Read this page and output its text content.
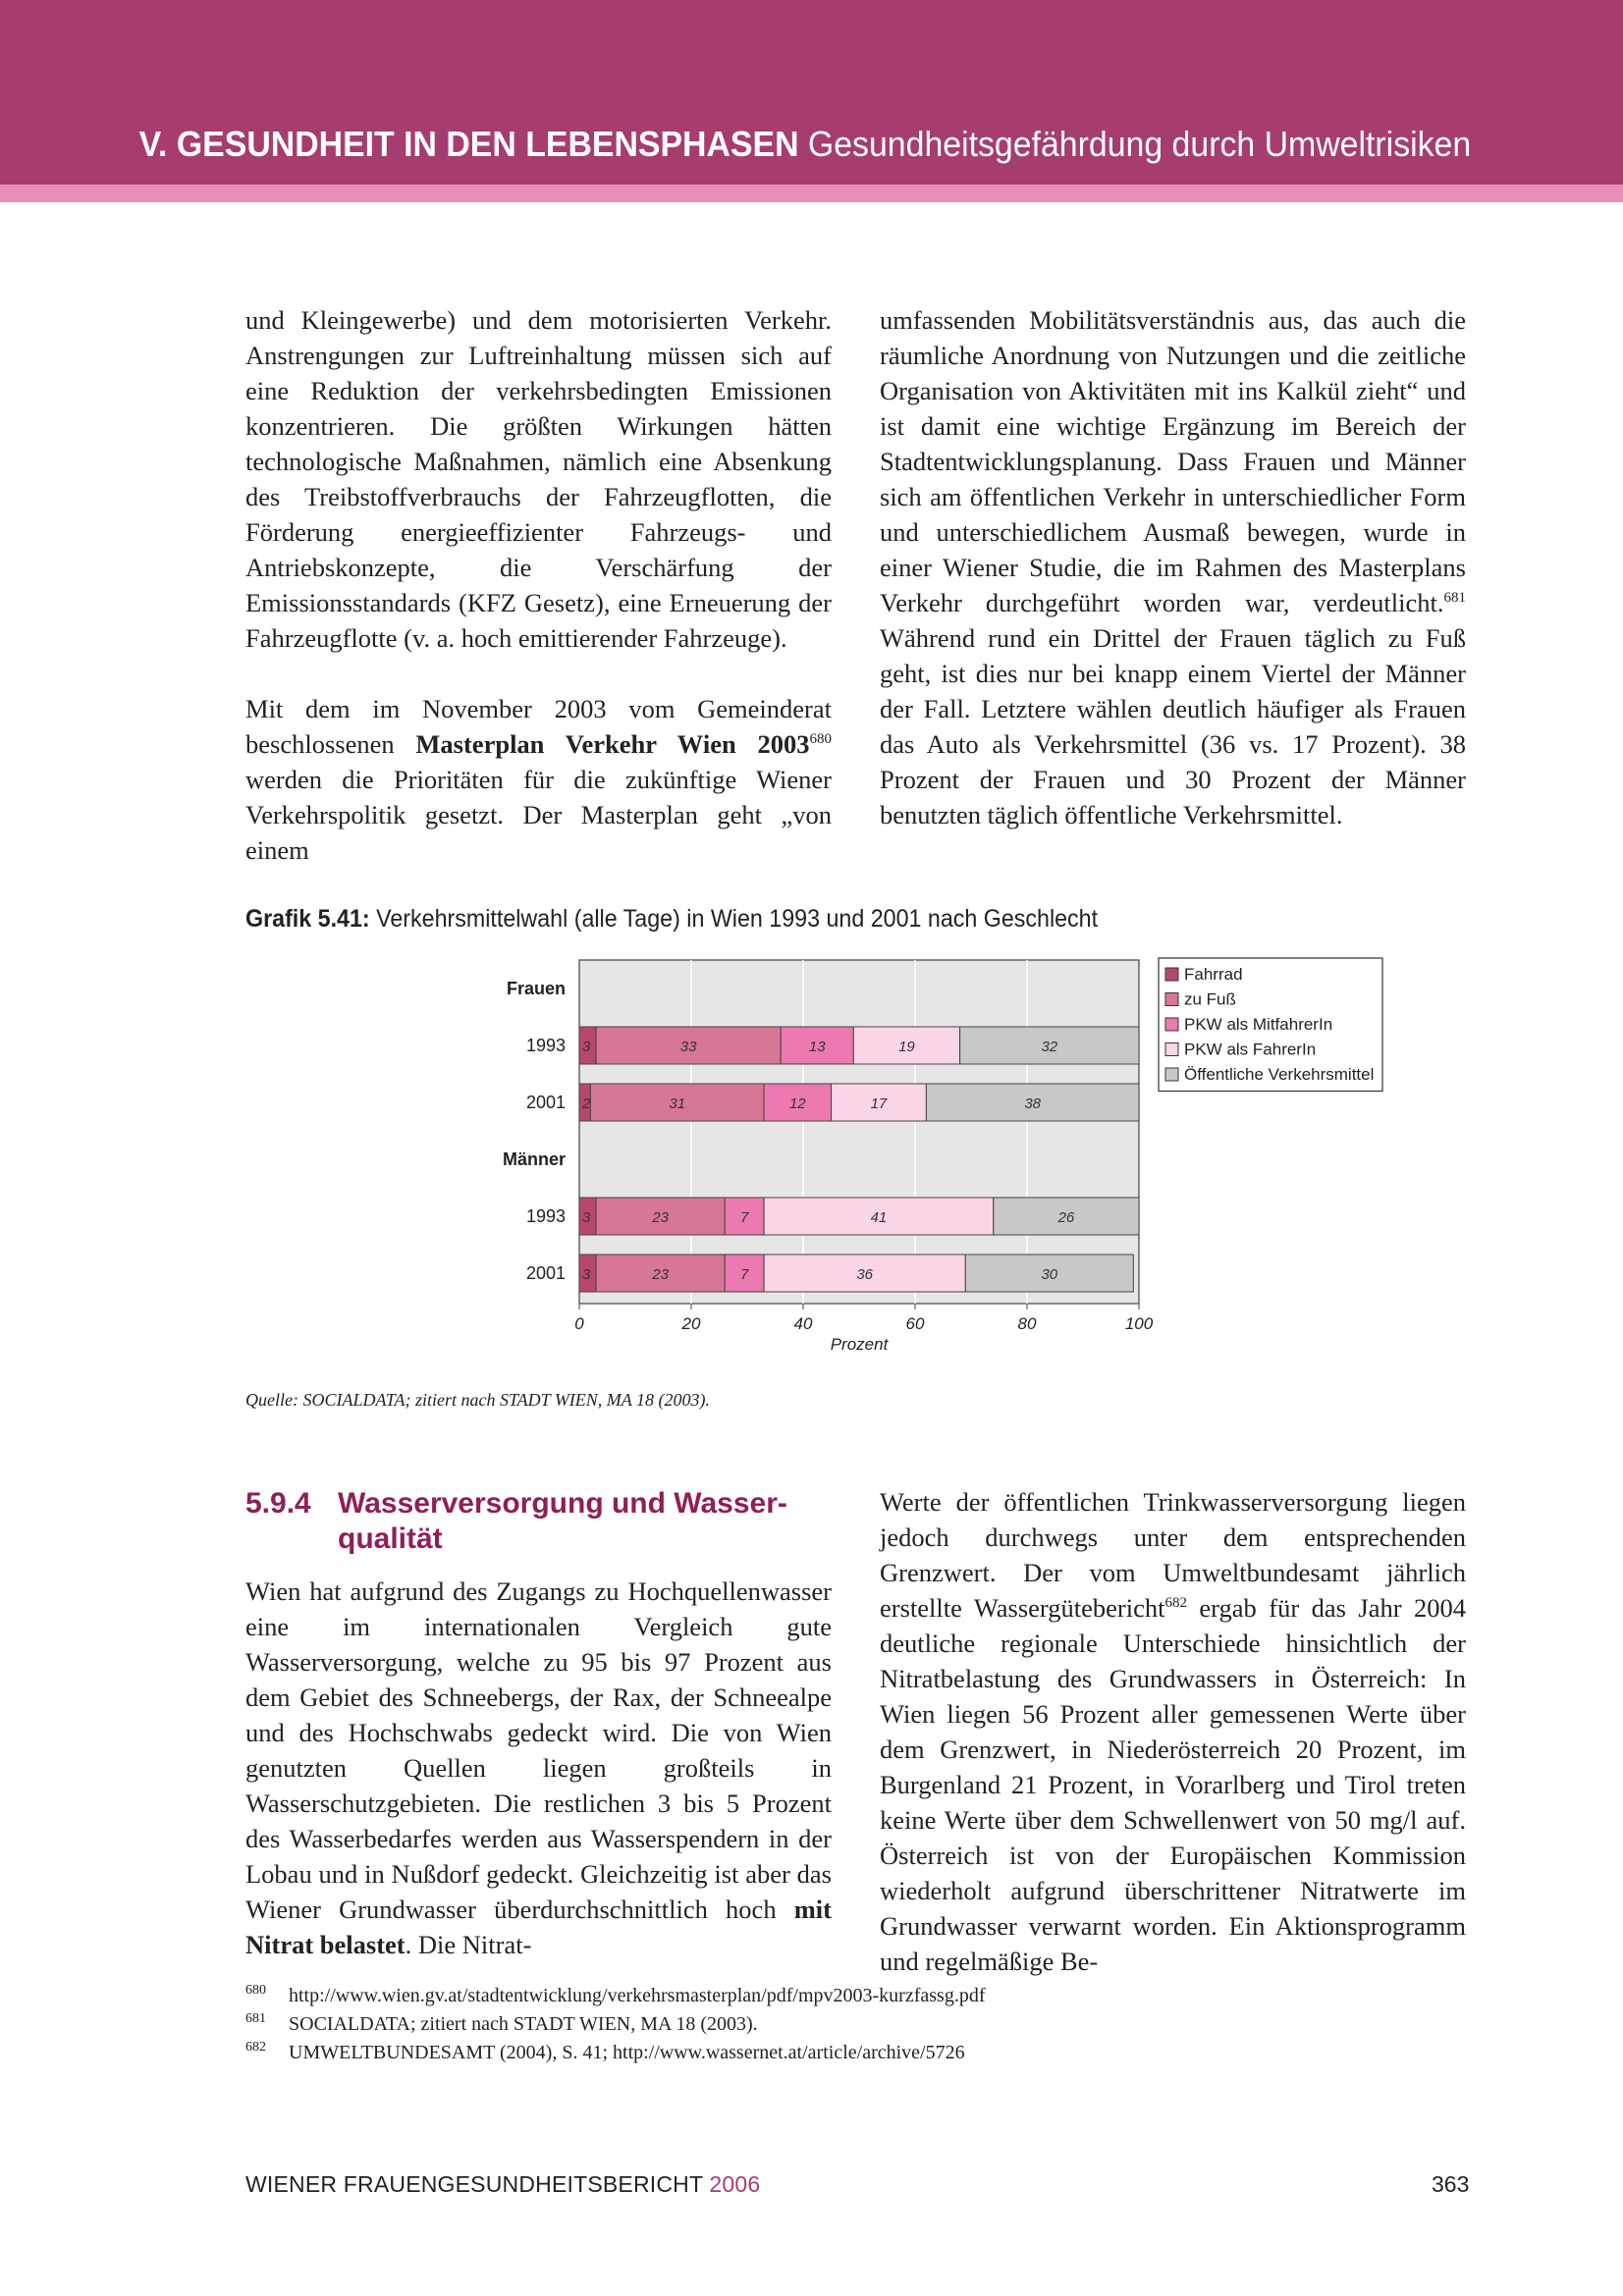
V. GESUNDHEIT IN DEN LEBENSPHASEN Gesundheitsgefährdung durch Umweltrisiken

und Kleingewerbe) und dem motorisierten Verkehr. Anstrengungen zur Luftreinhaltung müssen sich auf eine Reduktion der verkehrsbedingten Emissionen konzentrieren. Die größten Wirkungen hätten technologische Maßnahmen, nämlich eine Absenkung des Treibstoffverbrauchs der Fahrzeugflotten, die Förderung energieeffizienter Fahrzeugs- und Antriebskonzepte, die Verschärfung der Emissionsstandards (KFZ Gesetz), eine Erneuerung der Fahrzeugflotte (v. a. hoch emittierender Fahrzeuge).

Mit dem im November 2003 vom Gemeinderat beschlossenen Masterplan Verkehr Wien 2003$^{680}$ werden die Prioritäten für die zukünftige Wiener Verkehrspolitik gesetzt. Der Masterplan geht „von einem

umfassenden Mobilitätsverständnis aus, das auch die räumliche Anordnung von Nutzungen und die zeitliche Organisation von Aktivitäten mit ins Kalkül zieht“ und ist damit eine wichtige Ergänzung im Bereich der Stadtentwicklungsplanung. Dass Frauen und Männer sich am öffentlichen Verkehr in unterschiedlicher Form und unterschiedlichem Ausmaß bewegen, wurde in einer Wiener Studie, die im Rahmen des Masterplans Verkehr durchgeführt worden war, verdeutlicht.$^{681}$ Während rund ein Drittel der Frauen täglich zu Fuß geht, ist dies nur bei knapp einem Viertel der Männer der Fall. Letztere wählen deutlich häufiger als Frauen das Auto als Verkehrsmittel (36 vs. 17 Prozent). 38 Prozent der Frauen und 30 Prozent der Männer benutzten täglich öffentliche Verkehrsmittel.

Grafik 5.41: Verkehrsmittelwahl (alle Tage) in Wien 1993 und 2001 nach Geschlecht
3	33	13	19	32
2	31	12	17	38
3	23	7	41	26
3	23	7	36	30
Frauen
1993
2001
Männer
1993
2001
0	20	40	60	80	100
Prozent
Fahrrad
zu Fuß
PKW als MitfahrerIn
PKW als FahrerIn
Öffentliche Verkehrsmittel
Quelle: SOCIALDATA; zitiert nach STADT WIEN, MA 18 (2003).
5.9.4 Wasserversorgung und Wasser-
qualität

Wien hat aufgrund des Zugangs zu Hochquellenwasser eine im internationalen Vergleich gute Wasserversorgung, welche zu 95 bis 97 Prozent aus dem Gebiet des Schneebergs, der Rax, der Schneealpe und des Hochschwabs gedeckt wird. Die von Wien genutzten Quellen liegen großteils in Wasserschutzgebieten. Die restlichen 3 bis 5 Prozent des Wasserbedarfes werden aus Wasserspendern in der Lobau und in Nußdorf gedeckt. Gleichzeitig ist aber das Wiener Grundwasser überdurchschnittlich hoch mit Nitrat belastet. Die Nitrat-

Werte der öffentlichen Trinkwasserversorgung liegen jedoch durchwegs unter dem entsprechenden Grenzwert. Der vom Umweltbundesamt jährlich erstellte Wassergütebericht$^{682}$ ergab für das Jahr 2004 deutliche regionale Unterschiede hinsichtlich der Nitratbelastung des Grundwassers in Österreich: In Wien liegen 56 Prozent aller gemessenen Werte über dem Grenzwert, in Niederösterreich 20 Prozent, im Burgenland 21 Prozent, in Vorarlberg und Tirol treten keine Werte über dem Schwellenwert von 50 mg/l auf. Österreich ist von der Europäischen Kommission wiederholt aufgrund überschrittener Nitratwerte im Grundwasser verwarnt worden. Ein Aktionsprogramm und regelmäßige Be-

680 http://www.wien.gv.at/stadtentwicklung/verkehrsmasterplan/pdf/mpv2003-kurzfassg.pdf
681 SOCIALDATA; zitiert nach STADT WIEN, MA 18 (2003).
682 UMWELTBUNDESAMT (2004), S. 41; http://www.wassernet.at/article/archive/5726
WIENER FRAUENGESUNDHEITSBERICHT 2006	363
